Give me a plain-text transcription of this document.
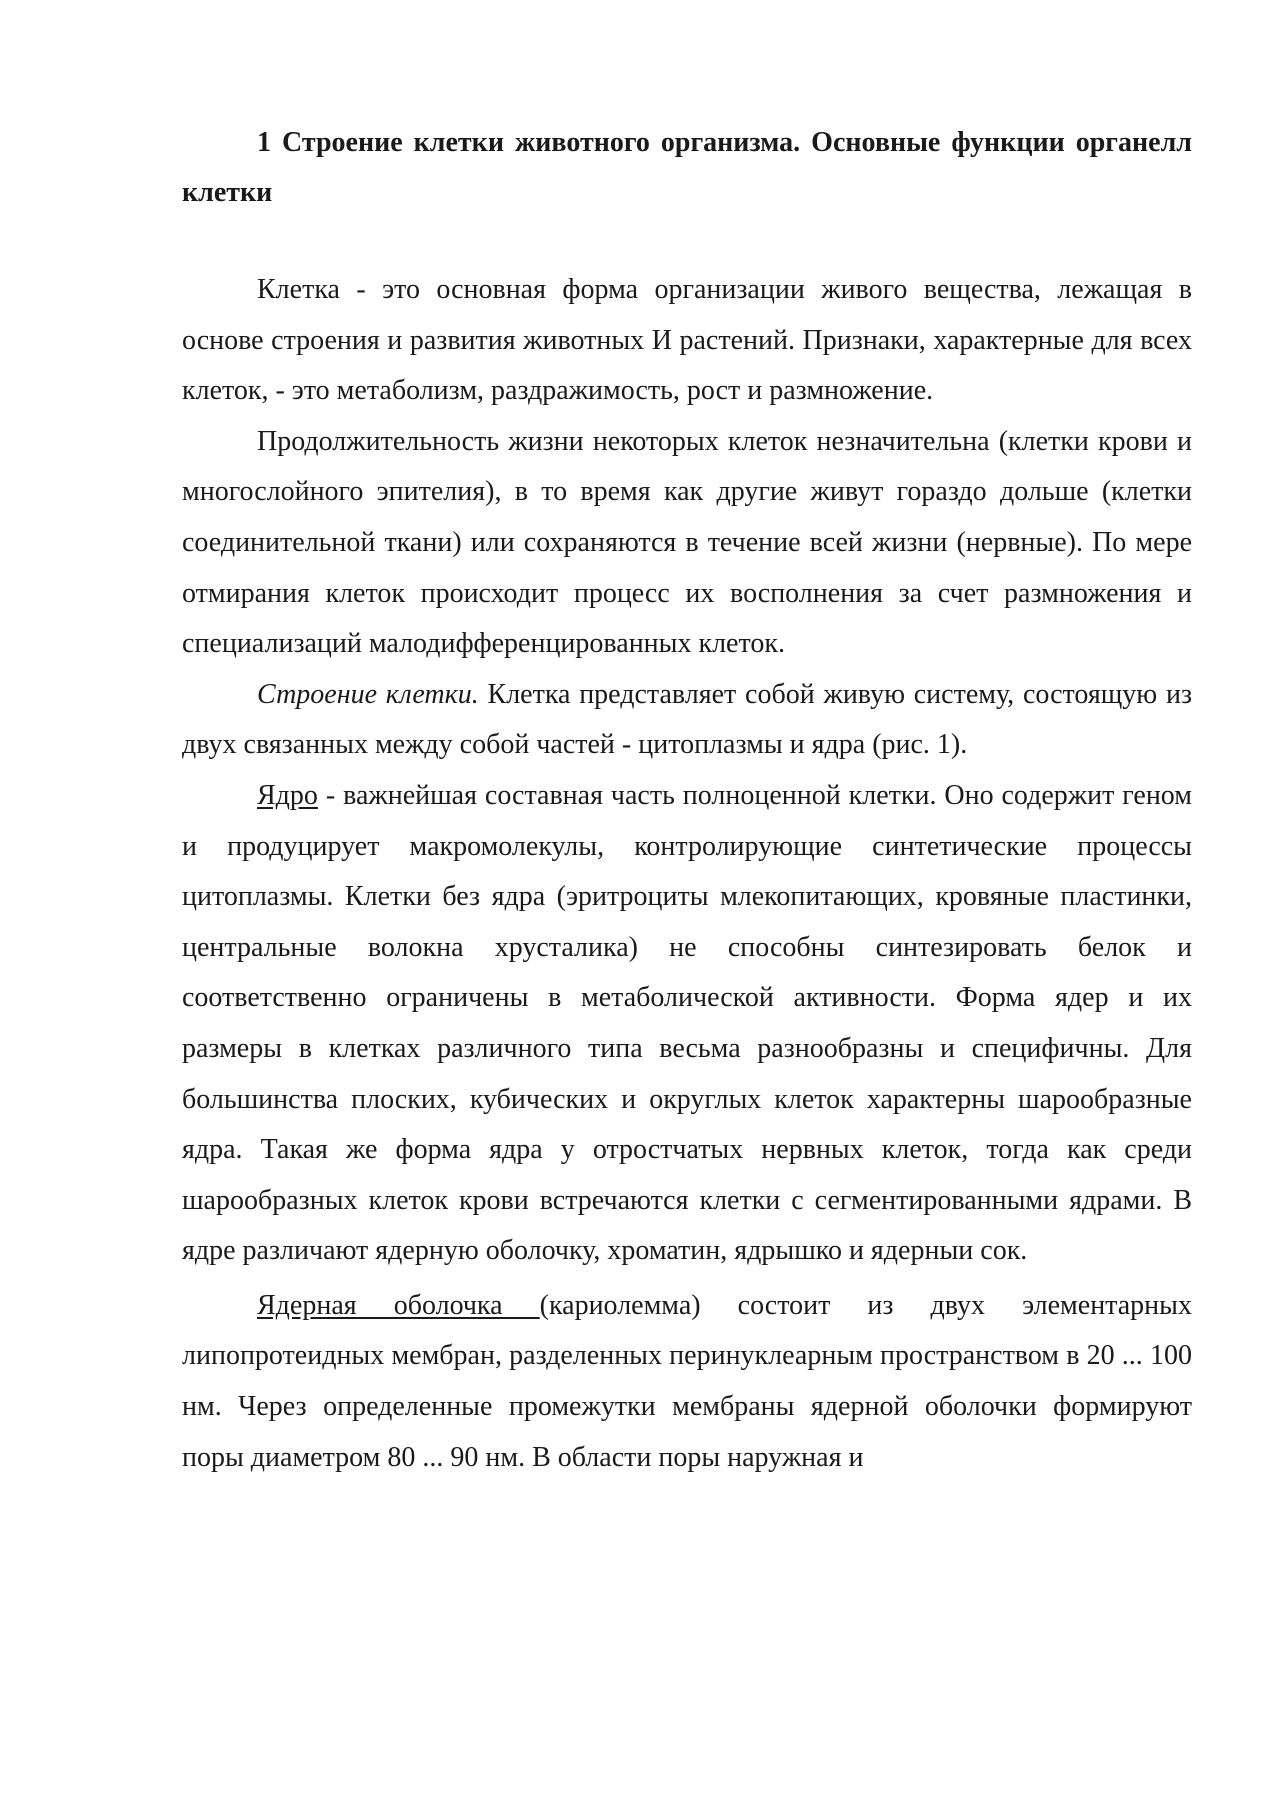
1 Строение клетки животного организма. Основные функции органелл клетки

Клетка - это основная форма организации живого вещества, лежащая в основе строения и развития животных И растений. Признаки, характерные для всех клеток, - это метаболизм, раздражимость, рост и размножение.

Продолжительность жизни некоторых клеток незначительна (клетки крови и многослойного эпителия), в то время как другие живут гораздо дольше (клетки соединительной ткани) или сохраняются в течение всей жизни (нервные). По мере отмирания клеток происходит процесс их восполнения за счет размножения и специализаций малодифференцированных клеток.

Строение клетки. Клетка представляет собой живую систему, состоящую из двух связанных между собой частей - цитоплазмы и ядра (рис. 1).

Ядро - важнейшая составная часть полноценной клетки. Оно содержит геном и продуцирует макромолекулы, контролирующие синтетические процессы цитоплазмы. Клетки без ядра (эритроциты млекопитающих, кровяные пластинки, центральные волокна хрусталика) не способны синтезировать белок и соответственно ограничены в метаболической активности. Форма ядер и их размеры в клетках различного типа весьма разнообразны и специфичны. Для большинства плоских, кубических и округлых клеток характерны шарообразные ядра. Такая же форма ядра у отростчатых нервных клеток, тогда как среди шарообразных клеток крови встречаются клетки с сегментированными ядрами. В ядре различают ядерную оболочку, хроматин, ядрышко и ядерныи сок.

Ядерная оболочка (кариолемма) состоит из двух элементарных липопротеидных мембран, разделенных перинуклеарным пространством в 20 ... 100 нм. Через определенные промежутки мембраны ядерной оболочки формируют поры диаметром 80 ... 90 нм. В области поры наружная и
